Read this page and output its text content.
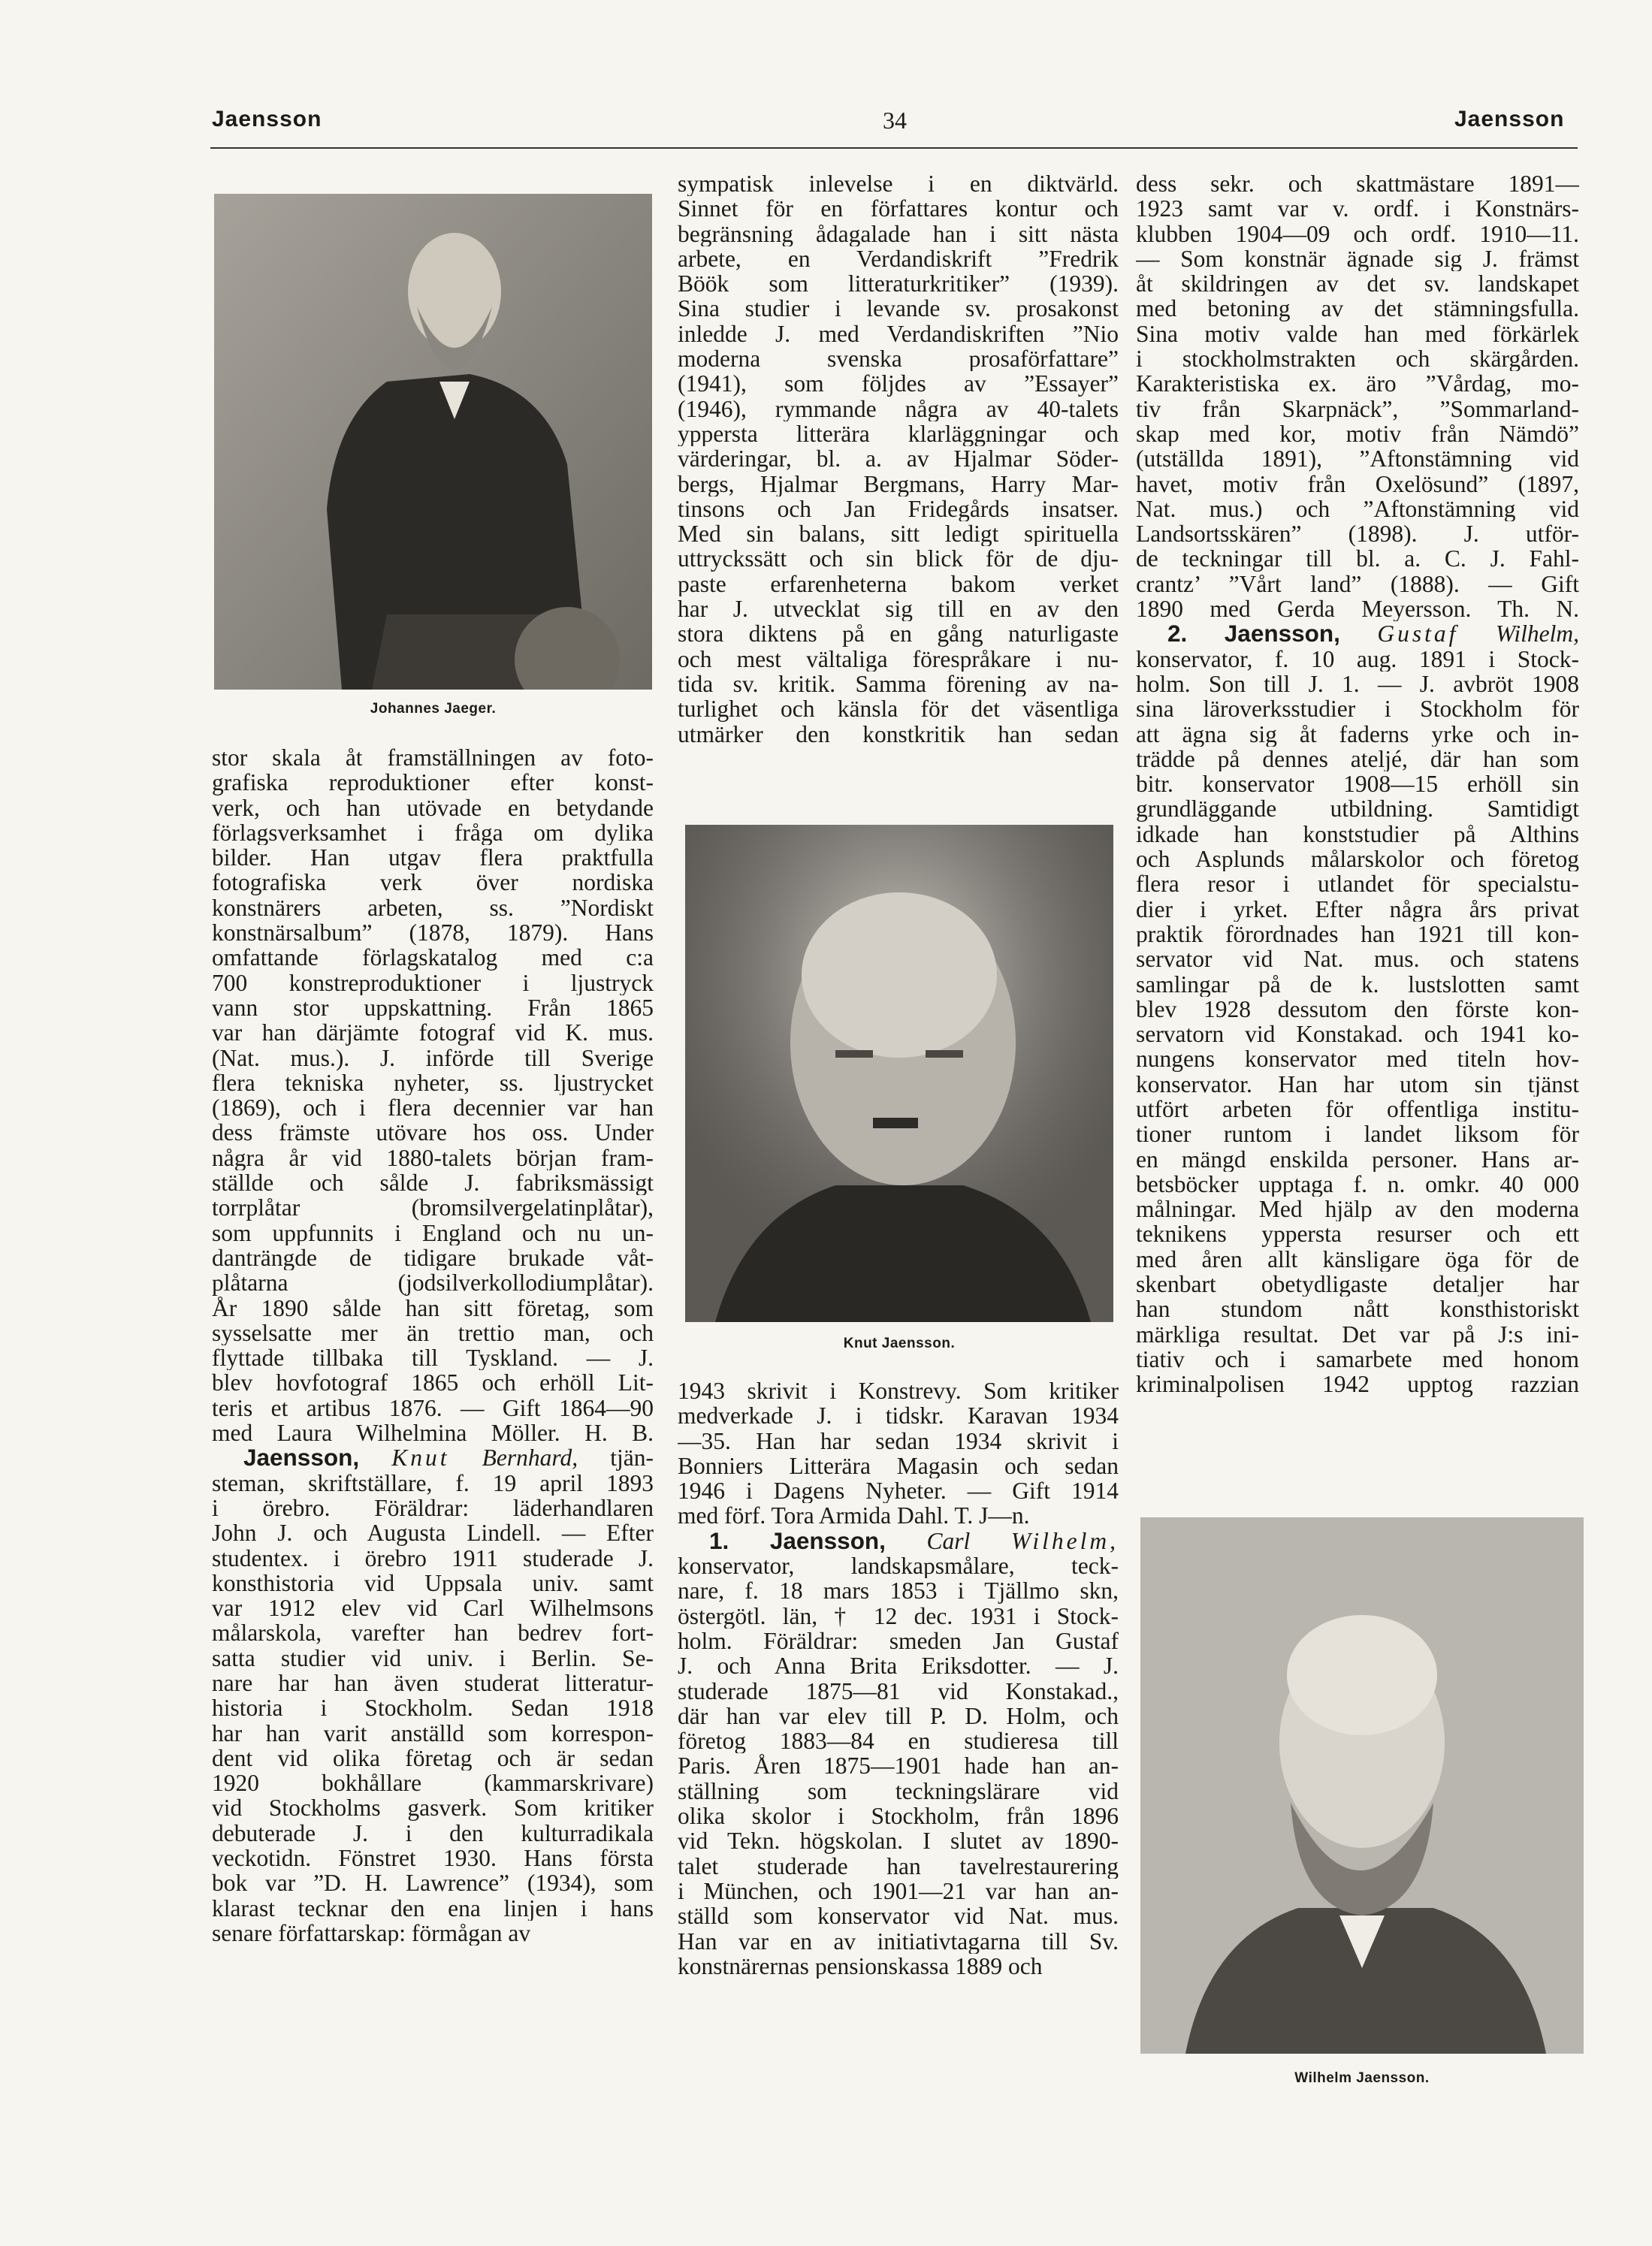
Jaensson	34	Jaensson
Johannes Jaeger.
stor skala åt framställningen av foto-
grafiska reproduktioner efter konst-
verk, och han utövade en betydande
förlagsverksamhet i fråga om dylika
bilder. Han utgav flera praktfulla
fotografiska verk över nordiska
konstnärers arbeten, ss. ”Nordiskt
konstnärsalbum” (1878, 1879). Hans
omfattande förlagskatalog med c:a
700 konstreproduktioner i ljustryck
vann stor uppskattning. Från 1865
var han därjämte fotograf vid K. mus.
(Nat. mus.). J. införde till Sverige
flera tekniska nyheter, ss. ljustrycket
(1869), och i flera decennier var han
dess främste utövare hos oss. Under
några år vid 1880-talets början fram-
ställde och sålde J. fabriksmässigt
torrplåtar (bromsilvergelatinplåtar),
som uppfunnits i England och nu un-
danträngde de tidigare brukade våt-
plåtarna (jodsilverkollodiumplåtar).
År 1890 sålde han sitt företag, som
sysselsatte mer än trettio man, och
flyttade tillbaka till Tyskland. — J.
blev hovfotograf 1865 och erhöll Lit-
teris et artibus 1876. — Gift 1864—90
med Laura Wilhelmina Möller. H. B.
Jaensson, Knut Bernhard, tjän-
steman, skriftställare, f. 19 april 1893
i örebro. Föräldrar: läderhandlaren
John J. och Augusta Lindell. — Efter
studentex. i örebro 1911 studerade J.
konsthistoria vid Uppsala univ. samt
var 1912 elev vid Carl Wilhelmsons
målarskola, varefter han bedrev fort-
satta studier vid univ. i Berlin. Se-
nare har han även studerat litteratur-
historia i Stockholm. Sedan 1918
har han varit anställd som korrespon-
dent vid olika företag och är sedan
1920 bokhållare (kammarskrivare)
vid Stockholms gasverk. Som kritiker
debuterade J. i den kulturradikala
veckotidn. Fönstret 1930. Hans första
bok var ”D. H. Lawrence” (1934), som
klarast tecknar den ena linjen i hans
senare författarskap: förmågan av
sympatisk inlevelse i en diktvärld.
Sinnet för en författares kontur och
begränsning ådagalade han i sitt nästa
arbete, en Verdandiskrift ”Fredrik
Böök som litteraturkritiker” (1939).
Sina studier i levande sv. prosakonst
inledde J. med Verdandiskriften ”Nio
moderna svenska prosaförfattare”
(1941), som följdes av ”Essayer”
(1946), rymmande några av 40-talets
yppersta litterära klarläggningar och
värderingar, bl. a. av Hjalmar Söder-
bergs, Hjalmar Bergmans, Harry Mar-
tinsons och Jan Fridegårds insatser.
Med sin balans, sitt ledigt spirituella
uttryckssätt och sin blick för de dju-
paste erfarenheterna bakom verket
har J. utvecklat sig till en av den
stora diktens på en gång naturligaste
och mest vältaliga förespråkare i nu-
tida sv. kritik. Samma förening av na-
turlighet och känsla för det väsentliga
utmärker den konstkritik han sedan
Knut Jaensson.
1943 skrivit i Konstrevy. Som kritiker
medverkade J. i tidskr. Karavan 1934
—35. Han har sedan 1934 skrivit i
Bonniers Litterära Magasin och sedan
1946 i Dagens Nyheter. — Gift 1914
med förf. Tora Armida Dahl. T. J—n.
1. Jaensson, Carl Wilhelm,
konservator, landskapsmålare, teck-
nare, f. 18 mars 1853 i Tjällmo skn,
östergötl. län, † 12 dec. 1931 i Stock-
holm. Föräldrar: smeden Jan Gustaf
J. och Anna Brita Eriksdotter. — J.
studerade 1875—81 vid Konstakad.,
där han var elev till P. D. Holm, och
företog 1883—84 en studieresa till
Paris. Åren 1875—1901 hade han an-
ställning som teckningslärare vid
olika skolor i Stockholm, från 1896
vid Tekn. högskolan. I slutet av 1890-
talet studerade han tavelrestaurering
i München, och 1901—21 var han an-
ställd som konservator vid Nat. mus.
Han var en av initiativtagarna till Sv.
konstnärernas pensionskassa 1889 och
dess sekr. och skattmästare 1891—
1923 samt var v. ordf. i Konstnärs-
klubben 1904—09 och ordf. 1910—11.
— Som konstnär ägnade sig J. främst
åt skildringen av det sv. landskapet
med betoning av det stämningsfulla.
Sina motiv valde han med förkärlek
i stockholmstrakten och skärgården.
Karakteristiska ex. äro ”Vårdag, mo-
tiv från Skarpnäck”, ”Sommarland-
skap med kor, motiv från Nämdö”
(utställda 1891), ”Aftonstämning vid
havet, motiv från Oxelösund” (1897,
Nat. mus.) och ”Aftonstämning vid
Landsortsskären” (1898). J. utför-
de teckningar till bl. a. C. J. Fahl-
crantz’ ”Vårt land” (1888). — Gift
1890 med Gerda Meyersson. Th. N.
2. Jaensson, Gustaf Wilhelm,
konservator, f. 10 aug. 1891 i Stock-
holm. Son till J. 1. — J. avbröt 1908
sina läroverksstudier i Stockholm för
att ägna sig åt faderns yrke och in-
trädde på dennes ateljé, där han som
bitr. konservator 1908—15 erhöll sin
grundläggande utbildning. Samtidigt
idkade han konststudier på Althins
och Asplunds målarskolor och företog
flera resor i utlandet för specialstu-
dier i yrket. Efter några års privat
praktik förordnades han 1921 till kon-
servator vid Nat. mus. och statens
samlingar på de k. lustslotten samt
blev 1928 dessutom den förste kon-
servatorn vid Konstakad. och 1941 ko-
nungens konservator med titeln hov-
konservator. Han har utom sin tjänst
utfört arbeten för offentliga institu-
tioner runtom i landet liksom för
en mängd enskilda personer. Hans ar-
betsböcker upptaga f. n. omkr. 40 000
målningar. Med hjälp av den moderna
teknikens yppersta resurser och ett
med åren allt känsligare öga för de
skenbart obetydligaste detaljer har
han stundom nått konsthistoriskt
märkliga resultat. Det var på J:s ini-
tiativ och i samarbete med honom
kriminalpolisen 1942 upptog razzian
Wilhelm Jaensson.
